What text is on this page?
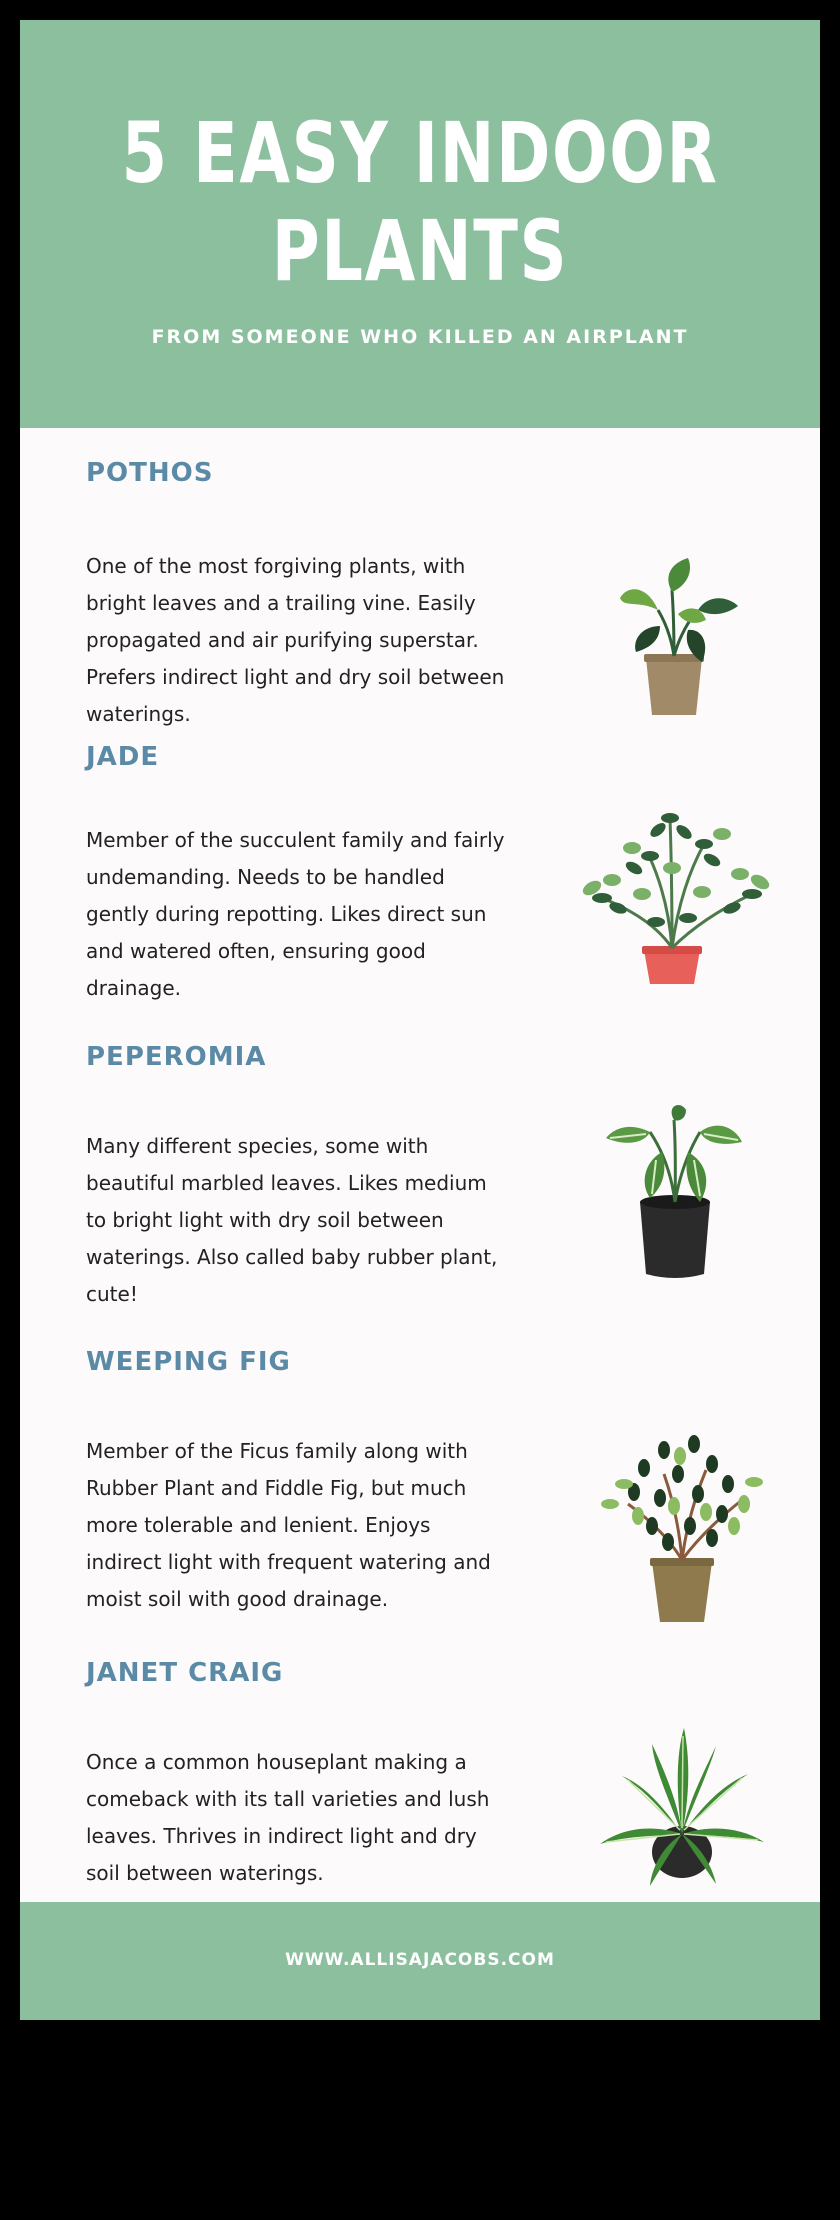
5 EASY INDOOR
PLANTS
FROM SOMEONE WHO KILLED AN AIRPLANT
POTHOS

One of the most forgiving plants, with bright leaves and a trailing vine. Easily propagated and air purifying superstar. Prefers indirect light and dry soil between waterings.

JADE

Member of the succulent family and fairly undemanding. Needs to be handled gently during repotting. Likes direct sun and watered often, ensuring good drainage.

PEPEROMIA

Many different species, some with beautiful marbled leaves. Likes medium to bright light with dry soil between waterings. Also called baby rubber plant, cute!

WEEPING FIG

Member of the Ficus family along with Rubber Plant and Fiddle Fig, but much more tolerable and lenient. Enjoys indirect light with frequent watering and moist soil with good drainage.

JANET CRAIG

Once a common houseplant making a comeback with its tall varieties and lush leaves. Thrives in indirect light and dry soil between waterings.

WWW.ALLISAJACOBS.COM
